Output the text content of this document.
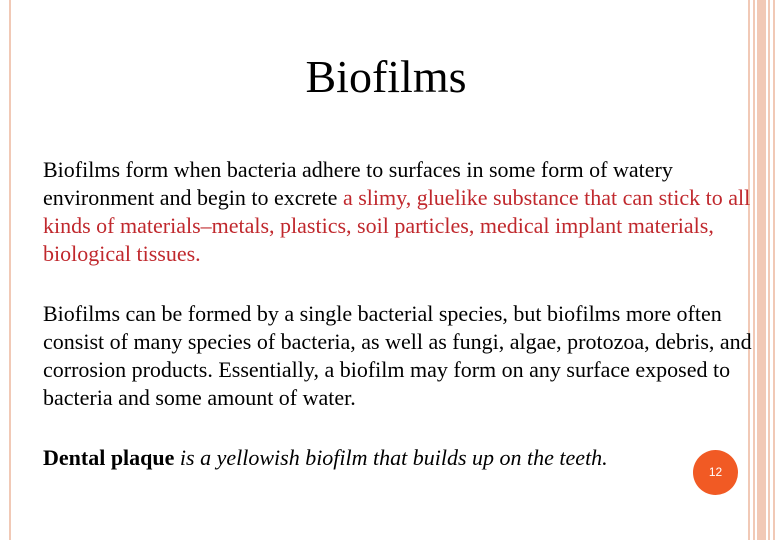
Biofilms
Biofilms form when bacteria adhere to surfaces in some form of watery environment and begin to excrete a slimy, gluelike substance that can stick to all kinds of materials–metals, plastics, soil particles, medical implant materials, biological tissues.
Biofilms can be formed by a single bacterial species, but biofilms more often consist of many species of bacteria, as well as fungi, algae, protozoa, debris, and corrosion products. Essentially, a biofilm may form on any surface exposed to bacteria and some amount of water.
Dental plaque is a yellowish biofilm that builds up on the teeth.
12
